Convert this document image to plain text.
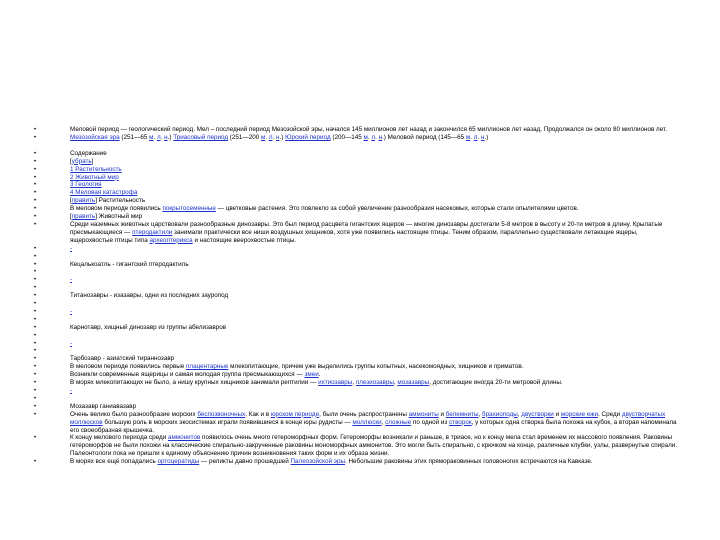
•
Меловой период — геологический период. Мел – последний период Мезозойской эры, начался 145 миллионов лет назад и закончился 65 миллионов лет назад. Продолжался он около 80 миллионов лет.
•
Мезозойская эра (251—65 м. л. н.) Триасовый период (251—200 м. л. н.) Юрский период (200—145 м. л. н.) Меловой период (145—65 м. л. н.)
•
Содержание
•
[убрать]
•
1 Растительность
•
2 Животный мир
•
3 Геология
•
4 Меловая катастрофа
•
[править] Растительность
•
В меловом периоде появились покрытосеменные — цветковые растения. Это повлекло за собой увеличение разнообразия насекомых, которые стали опылителями цветов.
•
[править] Животный мир
•
Среди наземных животных царствовали разнообразные динозавры. Это был период расцвета гигантских ящеров — многие динозавры достигали 5-8 метров в высоту и 20-ти метров в длину. Крылатые пресмыкающиеся — птеродактили занимали практически все ниши воздушных хищников, хотя уже появились настоящие птицы. Теним образом, параллельно существовали летающие ящеры, ящерохвостые птицы типа археоптерикса и настоящие веерохвостые птицы.
•
-
•

•
Кецалькоатль - гигантский птеродактиль
•

•
-
•

•
Титанозавры - изазавры, одни из последних зауропод
•

•
-
•

•
Карнотавр, хищный динозавр из группы абелизавров
•

•
-
•

•
Тарбозавр - азиатский тираннозавр
•
В меловом периоде появились первые плацентарные млекопитающие, причем уже выделились группы копытных, насекомоядных, хищников и приматов.
•
Возникли современные ящерицы и самая молодая группа пресмыкающихся — змеи.
•
В морях млекопитающих не было, а нишу крупных хищников занимали рептилии — ихтиозавры, плезиозавры, мозазавры, достигающие иногда 20-ти метровой длины.
•
-
•

•
Мозазавр ганиавазавр
•
Очень велико было разнообразие морских беспозвоночных. Как и в юрском периоде, были очень распространены аммониты и белемниты, брахиоподы, двустворки и морские ежи. Среди двустворчатых моллюсков большую роль в морских экосистемах играли появившиеся в конце юры рудисты — моллюски, сложные по одной из створок, у которых одна створка была похожа на кубок, а вторая напоминала его своеобразная крышечка.
•
К концу мелового периода среди аммонитов появилось очень много гетероморфных форм. Гетероморфы возникали и раньше, в триасе, но к концу мела стал временем их массового появления. Раковины гетероморфов не были похожи на классические спирально-закрученные раковины мономорфных аммонитов. Это могли быть спирально, с крючком на конце, различные клубки, узлы, развернутые спирали. Палеонтологи пока не пришли к единому объяснению причин возникновения таких форм и их образа жизни.
•
В морях все ещё попадались ортоцератиды — реликты давно прошедшей Палеозойской эры. Небольшие раковины этих прямораковинных головоногих встречаются на Кавказе.
